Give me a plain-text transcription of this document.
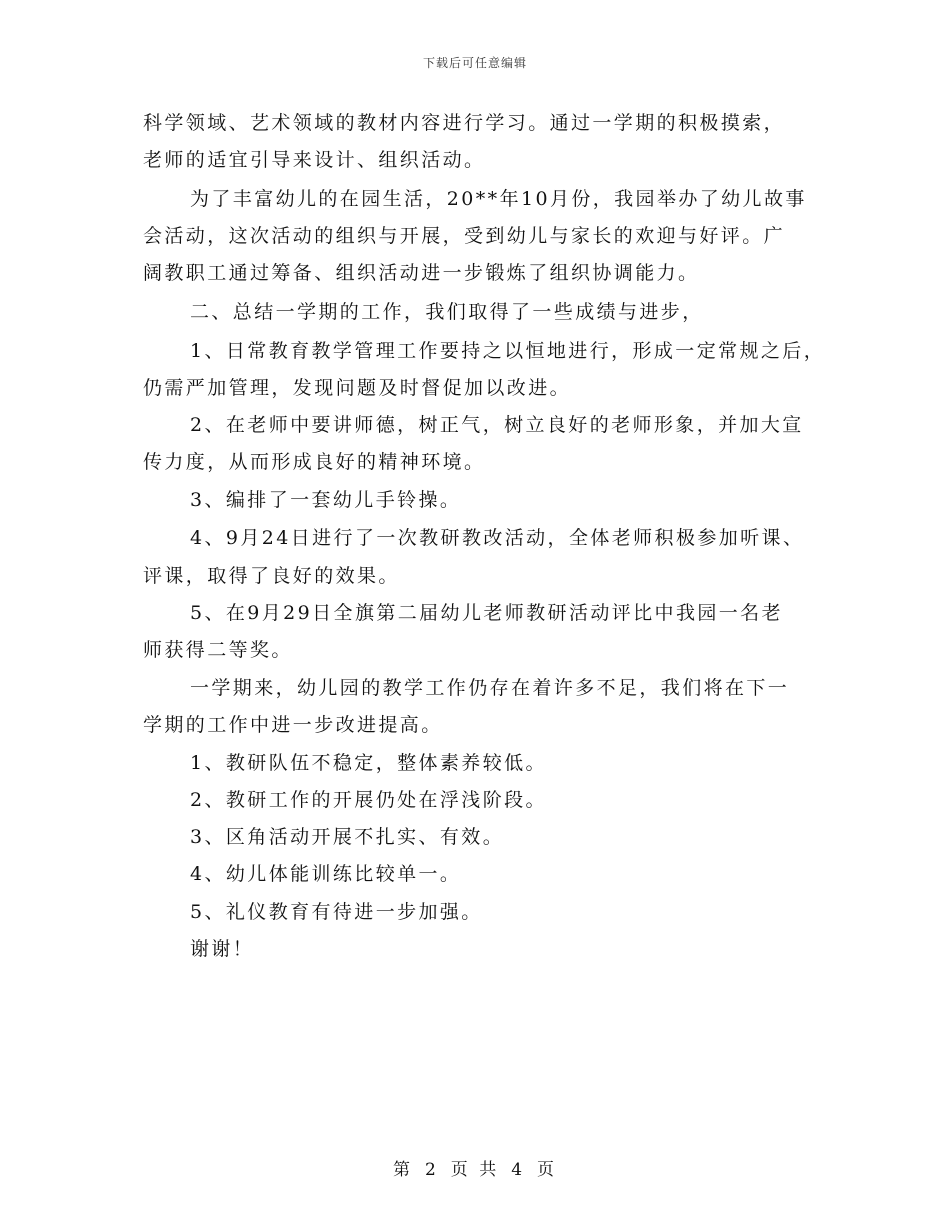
下载后可任意编辑
科学领域、艺术领域的教材内容进行学习。通过一学期的积极摸索，
老师的适宜引导来设计、组织活动。
为了丰富幼儿的在园生活，20**年10月份，我园举办了幼儿故事
会活动，这次活动的组织与开展，受到幼儿与家长的欢迎与好评。广
阔教职工通过筹备、组织活动进一步锻炼了组织协调能力。
二、总结一学期的工作，我们取得了一些成绩与进步，
1、日常教育教学管理工作要持之以恒地进行，形成一定常规之后，
仍需严加管理，发现问题及时督促加以改进。
2、在老师中要讲师德，树正气，树立良好的老师形象，并加大宣
传力度，从而形成良好的精神环境。
3、编排了一套幼儿手铃操。
4、9月24日进行了一次教研教改活动，全体老师积极参加听课、
评课，取得了良好的效果。
5、在9月29日全旗第二届幼儿老师教研活动评比中我园一名老
师获得二等奖。
一学期来，幼儿园的教学工作仍存在着许多不足，我们将在下一
学期的工作中进一步改进提高。
1、教研队伍不稳定，整体素养较低。
2、教研工作的开展仍处在浮浅阶段。
3、区角活动开展不扎实、有效。
4、幼儿体能训练比较单一。
5、礼仪教育有待进一步加强。
谢谢！
第 2 页 共 4 页
